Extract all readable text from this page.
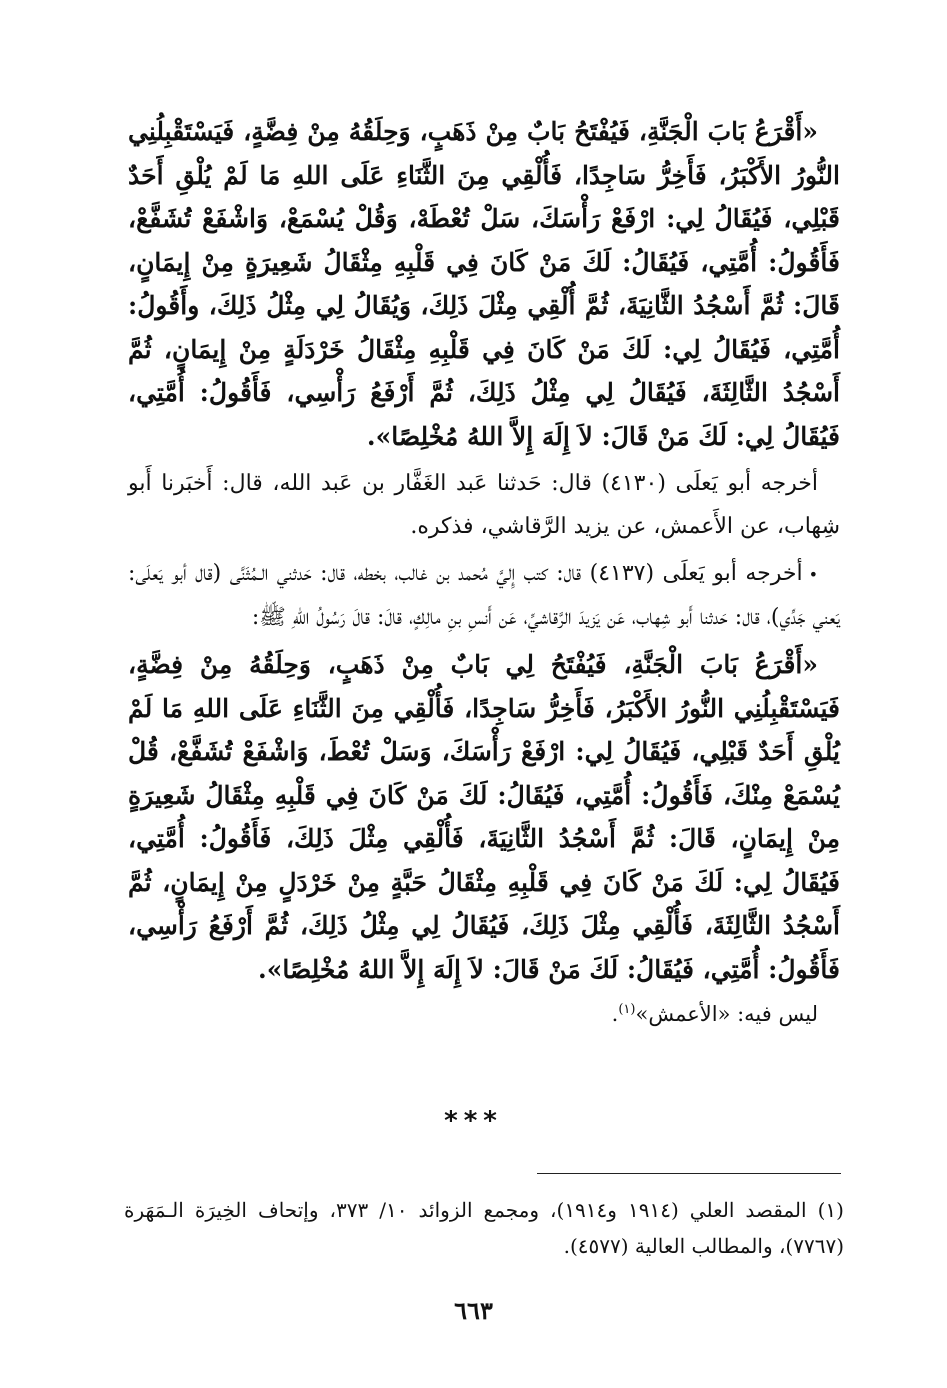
«أَقْرَعُ بَابَ الْجَنَّةِ، فَيُفْتَحُ بَابٌ مِنْ ذَهَبٍ، وَحِلَقُهُ مِنْ فِضَّةٍ، فَيَسْتَقْبِلُنِي النُّورُ الأَكْبَرُ، فَأَخِرُّ سَاجِدًا، فَأُلْقِي مِنَ الثَّنَاءِ عَلَى اللهِ مَا لَمْ يُلْقِ أَحَدٌ قَبْلِي، فَيُقَالُ لِي: ارْفَعْ رَأْسَكَ، سَلْ تُعْطَهْ، وَقُلْ يُسْمَعْ، وَاشْفَعْ تُشَفَّعْ، فَأَقُولُ: أُمَّتِي، فَيُقَالُ: لَكَ مَنْ كَانَ فِي قَلْبِهِ مِثْقَالُ شَعِيرَةٍ مِنْ إِيمَانٍ، قَالَ: ثُمَّ أَسْجُدُ الثَّانِيَةَ، ثُمَّ أُلْقِي مِثْلَ ذَلِكَ، وَيُقَالُ لِي مِثْلُ ذَلِكَ، وأَقُولُ: أُمَّتِي، فَيُقَالُ لِي: لَكَ مَنْ كَانَ فِي قَلْبِهِ مِثْقَالُ خَرْدَلَةٍ مِنْ إِيمَانٍ، ثُمَّ أَسْجُدُ الثَّالِثَةَ، فَيُقَالُ لِي مِثْلُ ذَلِكَ، ثُمَّ أَرْفَعُ رَأْسِي، فَأَقُولُ: أُمَّتِي، فَيُقَالُ لِي: لَكَ مَنْ قَالَ: لاَ إِلَهَ إِلاَّ اللهُ مُخْلِصًا».

أخرجه أبو يَعلَى (٤١٣٠) قال: حَدثنا عَبد الغَفَّار بن عَبد الله، قال: أَخبَرنا أَبو شِهاب، عن الأَعمش، عن يزيد الرَّقاشي، فذكره.

•أخرجه أبو يَعلَى (٤١٣٧) قال: كتب إِليَّ مُحمد بن غالب، بخطه، قال: حَدثني الـمُثَنَّى (قال أبو يَعلَى: يَعني جَدِّي)، قال: حَدثنا أَبو شِهاب، عَن يَزيدَ الرَّقاشيِّ، عَن أَنسِ بنِ مالِكٍ، قالَ: قالَ رَسُولُ اللهِ ﷺ:

«أَقْرَعُ بَابَ الْجَنَّةِ، فَيُفْتَحُ لِي بَابٌ مِنْ ذَهَبٍ، وَحِلَقُهُ مِنْ فِضَّةٍ، فَيَسْتَقْبِلُنِي النُّورُ الأَكْبَرُ، فَأَخِرُّ سَاجِدًا، فَأُلْقِي مِنَ الثَّنَاءِ عَلَى اللهِ مَا لَمْ يُلْقِ أَحَدٌ قَبْلِي، فَيُقَالُ لِي: ارْفَعْ رَأْسَكَ، وَسَلْ تُعْطَ، وَاشْفَعْ تُشَفَّعْ، قُلْ يُسْمَعْ مِنْكَ، فَأَقُولُ: أُمَّتِي، فَيُقَالُ: لَكَ مَنْ كَانَ فِي قَلْبِهِ مِثْقَالُ شَعِيرَةٍ مِنْ إِيمَانٍ، قَالَ: ثُمَّ أَسْجُدُ الثَّانِيَةَ، فَأُلْقِي مِثْلَ ذَلِكَ، فَأَقُولُ: أُمَّتِي، فَيُقَالُ لِي: لَكَ مَنْ كَانَ فِي قَلْبِهِ مِثْقَالُ حَبَّةٍ مِنْ خَرْدَلٍ مِنْ إِيمَانٍ، ثُمَّ أَسْجُدُ الثَّالِثَةَ، فَأُلْقِي مِثْلَ ذَلِكَ، فَيُقَالُ لِي مِثْلُ ذَلِكَ، ثُمَّ أَرْفَعُ رَأْسِي، فَأَقُولُ: أُمَّتِي، فَيُقَالُ: لَكَ مَنْ قَالَ: لاَ إِلَهَ إِلاَّ اللهُ مُخْلِصًا».

ليس فيه: «الأعمش»$^{(١)}$.

***

(١) المقصد العلي (١٩١٤ و١٩١٤)، ومجمع الزوائد ١٠/ ٣٧٣، وإتحاف الخِيرَة الـمَهَرة (٧٧٦٧)، والمطالب العالية (٤٥٧٧).

٦٦٣
